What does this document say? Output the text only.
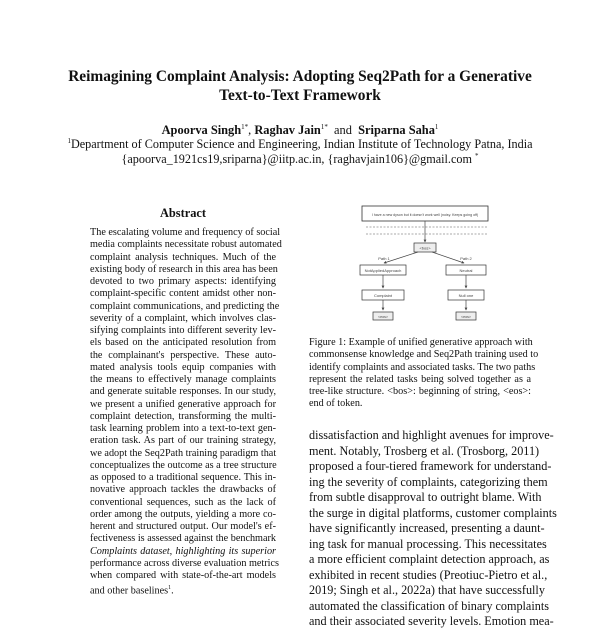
Reimagining Complaint Analysis: Adopting Seq2Path for a Generative
Text-to-Text Framework
Apoorva Singh$^{1*}$, Raghav Jain$^{1*}$ and Sriparna Saha$^1$
$^1$Department of Computer Science and Engineering, Indian Institute of Technology Patna, India
{apoorva_1921cs19,sriparna}@iitp.ac.in, {raghavjain106}@gmail.com *
Abstract
The escalating volume and frequency of social
media complaints necessitate robust automated
complaint analysis techniques. Much of the
existing body of research in this area has been
devoted to two primary aspects: identifying
complaint-specific content amidst other non-
complaint communications, and predicting the
severity of a complaint, which involves clas-
sifying complaints into different severity lev-
els based on the anticipated resolution from
the complainant's perspective. These auto-
mated analysis tools equip companies with
the means to effectively manage complaints
and generate suitable responses. In our study,
we present a unified generative approach for
complaint detection, transforming the multi-
task learning problem into a text-to-text gen-
eration task. As part of our training strategy,
we adopt the Seq2Path training paradigm that
conceptualizes the outcome as a tree structure
as opposed to a traditional sequence. This in-
novative approach tackles the drawbacks of
conventional sequences, such as the lack of
order among the outputs, yielding a more co-
herent and structured output. Our model's ef-
fectiveness is assessed against the benchmark
Complaints dataset, highlighting its superior
performance across diverse evaluation metrics
when compared with state-of-the-art models
and other baselines$^1$.
I have a new dyson but it doesn't work well (noisy. Keeps going off)
<bos>
Path 1	Path 2
NotAppliedApproach	Neutral
Complaint	Null one
<eos>	<eos>
Figure 1: Example of unified generative approach with
commonsense knowledge and Seq2Path training used to
identify complaints and associated tasks. The two paths
represent the related tasks being solved together as a
tree-like structure. <bos>: beginning of string, <eos>:
end of token.
dissatisfaction and highlight avenues for improve-
ment. Notably, Trosberg et al. (Trosborg, 2011)
proposed a four-tiered framework for understand-
ing the severity of complaints, categorizing them
from subtle disapproval to outright blame. With
the surge in digital platforms, customer complaints
have significantly increased, presenting a daunt-
ing task for manual processing. This necessitates
a more efficient complaint detection approach, as
exhibited in recent studies (Preotiuc-Pietro et al.,
2019; Singh et al., 2022a) that have successfully
automated the classification of binary complaints
and their associated severity levels. Emotion mea-
